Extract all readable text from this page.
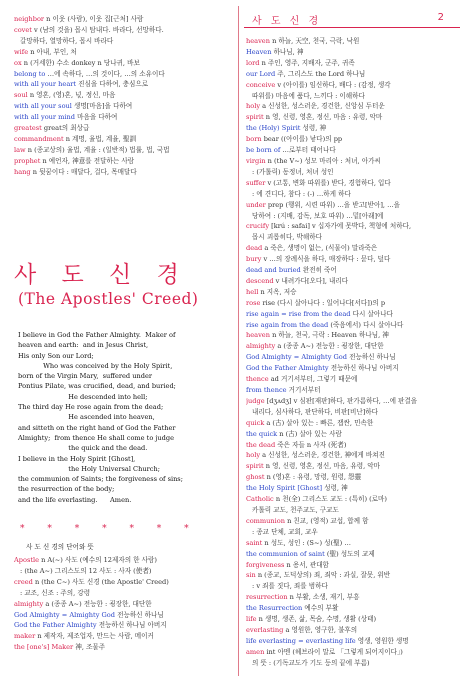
neighbor n 이웃 (사람), 이웃 집[근처] 사람
covet v (남의 것을) 몹시 탐내다. 바라다, 선망하다.
갈망하다, 열망하다, 몹시 바라다
wife n 아내, 부인, 처
ox n (거세한) 수소 donkey n 당나귀, 바보
belong to …에 속하다, …의 것이다, …의 소유이다
with all your heart 진심을 다하여, 충심으로
soul n 영혼, (영)혼, 넋, 정신, 마음
with all your soul 생명[마음]을 다하여
with all your mind 마음을 다하여
greatest great의 최상급
commandment n 계명, 율법, 계율, 聖訓
law n (종교상의) 율법, 계율 : (일반적) 법률, 법, 국법
prophet n 예언자, 神意를 전달하는 사람
hang n 뒷꿈이다 : 매달다, 걸다, 목매달다
사 도 신 경
(The Apostles' Creed)
I believe in God the Father Almighty.  Maker of
heaven and earth:  and in Jesus Christ,
His only Son our Lord;
Who was conceived by the Holy Spirit,
born of the Virgin Mary,  suffered under
Pontius Pilate, was crucified, dead, and buried;
He descended into hell;
The third day He rose again from the dead;
He ascended into heaven,
and sitteth on the right hand of God the Father
Almighty;  from thence He shall come to judge
the quick and the dead.
I believe in the Holy Spirit [Ghost],
the Holy Universal Church;
the communion of Saints; the forgiveness of sins;
the resurrection of the body;
and the life everlasting.      Amen.
* * * * * * *
사 도 신 경의 단어와 뜻
Apostle n A(~) 사도 (예수의 12제자의 한 사람)
: (the A~) 그리스도의 12 사도 : 사자 (使者)
creed n (the C~) 사도 신경 (the Apostle' Creed)
: 교조, 신조 : 주의, 강령
almighty a (종종 A~) 전능한 : 굉장한, 대단한
God Almighty = Almighty God 전능하신 하나님
God the Father Almighty 전능하신 하나님 아버지
maker n 제작자, 제조업자, 만드는 사람, 메이커
the [one's] Maker 神, 조물주
사 도 신 경	2
heaven n 하늘, 天空, 천국, 극락, 낙원
Heaven 하나님, 神
lord n 주인, 영주, 지배자, 군주, 귀족
our Lord 주, 그리스도 the Lord 하나님
conceive v (아이를) 임신하다, 배다 : (감정, 생각
따위를) 마음에 품다, 느끼다 : 이해하다
holy a 신성한, 성스러운, 경건한, 신앙심 두터운
spirit n 영, 신령, 영혼, 정신, 마음 : 유령, 악마
the (Holy) Spirit 성령, 神
born bear ((아이를) 낳다)의 pp
be born of …로부터 태어나다
virgin n (the V~) 성모 마리아 : 처녀, 아가씨
: (가톨릭) 동정녀, 처녀 성인
suffer v (고통, 변화 따위를) 받다, 경험하다, 입다
: 에 견디다, 참다 : (-) …하게 하다
under prep (행위, 시련 따위) …을 받고[받아], …을
당하여 : (지배, 감독, 보호 따위) …밑[아래]에
crucify [krú : safai] v 십자가에 못박다, 책형에 처하다,
몹시 괴롭히다, 박해하다
dead a 죽은, 생명이 없는, (식물이) 말라죽은
bury v …의 장례식을 하다, 매장하다 : 묻다, 덮다
dead and buried 완전히 죽어
descend v 내려가다[오다], 내리다
hell n 지옥, 저승
rose rise (다시 살아나다 : 일어나다[서다])의 p
rise again = rise from the dead 다시 살아나다
rise again from the dead (죽음에서) 다시 살아나다
heaven n 하늘, 천국, 극락 : Heaven 하나님, 神
almighty a (종종 A~) 전능한 : 굉장한, 대단한
God Almighty = Almighty God 전능하신 하나님
God the Father Almighty 전능하신 하나님 아버지
thence ad 거기서부터, 그렇기 때문에
from thence 거기서부터
judge [dʒʌdʒ] v 심판[재판]하다, 판가름하다, …에 판결을
내리다, 심사하다, 판단하다, 비판[비난]하다
quick a (古) 살아 있는 : 빠른, 잽싼, 민속한
the quick n (古) 살아 있는 사람
the dead 죽은 자들 n 사자 (死者)
holy a 신성한, 성스러운, 경건한, 神에게 바쳐진
spirit n 영, 신령, 영혼, 정신, 마음, 유령, 악마
ghost n (영)혼 : 유령, 망령, 원령, 怨靈
the Holy Spirit [Ghost] 성령, 神
Catholic n 천(全) 그리스도 교도 : (특히) (로마)
카톨릭 교도, 천주교도, 구교도
communion n 친교, (영적) 교섭, 합께 함
: 종교 단체, 교회, 교우
saint n 성도, 성인 : (S~) 성(聖) …
the communion of saint (聖) 성도의 교제
forgiveness n 용서, 관대함
sin n (종교, 도덕상의) 죄, 죄악 : 과실, 잘못, 위반
: v 죄를 짓다, 죄를 범하다
resurrection n 부활, 소생, 재기, 부흥
the Resurrection 예수의 부활
life n 생명, 생존, 삶, 목숨, 수명, 생활 (상태)
everlasting a 영원한, 영구한, 불후의
life everlasting = everlasting life 영생, 영원한 생명
amen int 아멘 (헤브라이 말로 「그렇게 되어지이다」)
의 뜻 : (기독교도가 기도 등의 끝에 부름)
